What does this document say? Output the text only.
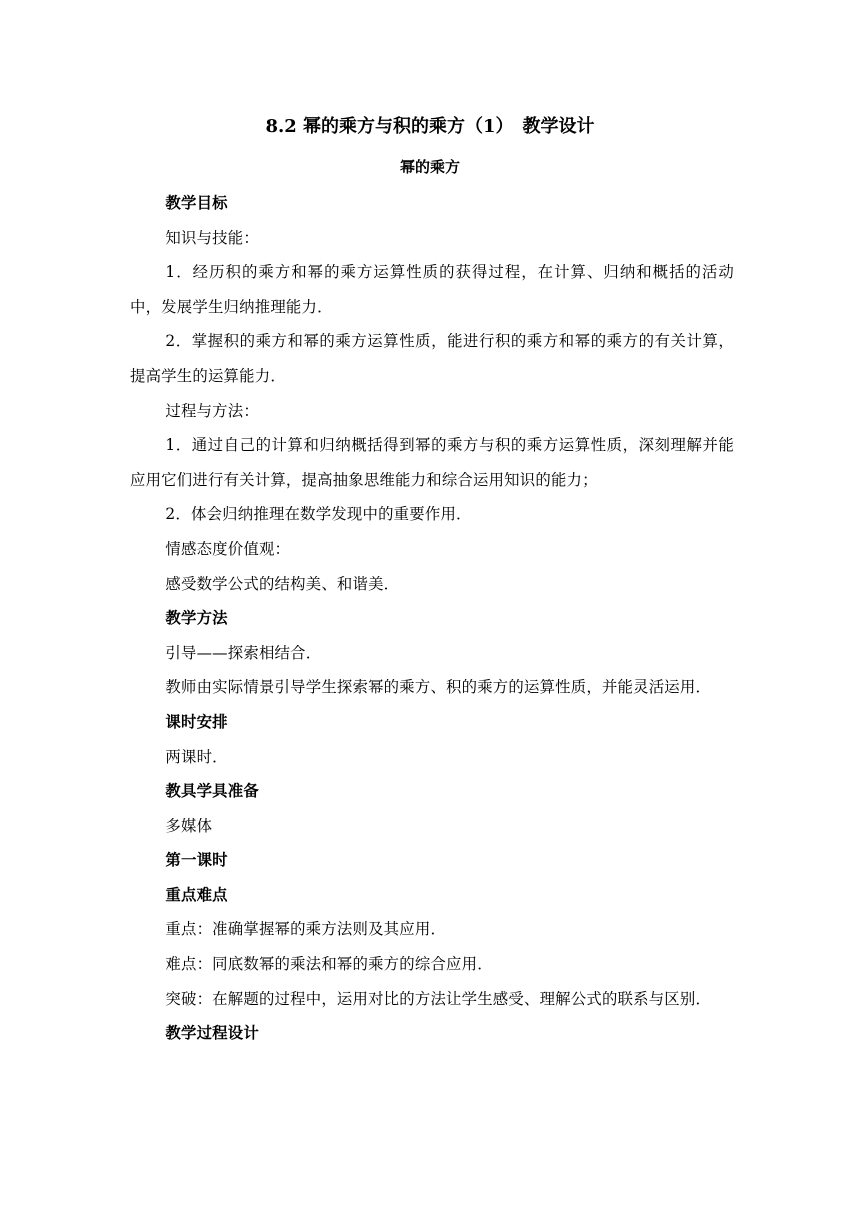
8.2 幂的乘方与积的乘方（1）　教学设计
幂的乘方

教学目标

知识与技能：

1．经历积的乘方和幂的乘方运算性质的获得过程，在计算、归纳和概括的活动中，发展学生归纳推理能力．

2．掌握积的乘方和幂的乘方运算性质，能进行积的乘方和幂的乘方的有关计算，提高学生的运算能力．

过程与方法：

1．通过自己的计算和归纳概括得到幂的乘方与积的乘方运算性质，深刻理解并能应用它们进行有关计算，提高抽象思维能力和综合运用知识的能力；

2．体会归纳推理在数学发现中的重要作用．

情感态度价值观：

感受数学公式的结构美、和谐美．

教学方法

引导——探索相结合．

教师由实际情景引导学生探索幂的乘方、积的乘方的运算性质，并能灵活运用．

课时安排

两课时．

教具学具准备

多媒体

第一课时

重点难点

重点：准确掌握幂的乘方法则及其应用．

难点：同底数幂的乘法和幂的乘方的综合应用．

突破：在解题的过程中，运用对比的方法让学生感受、理解公式的联系与区别．

教学过程设计
